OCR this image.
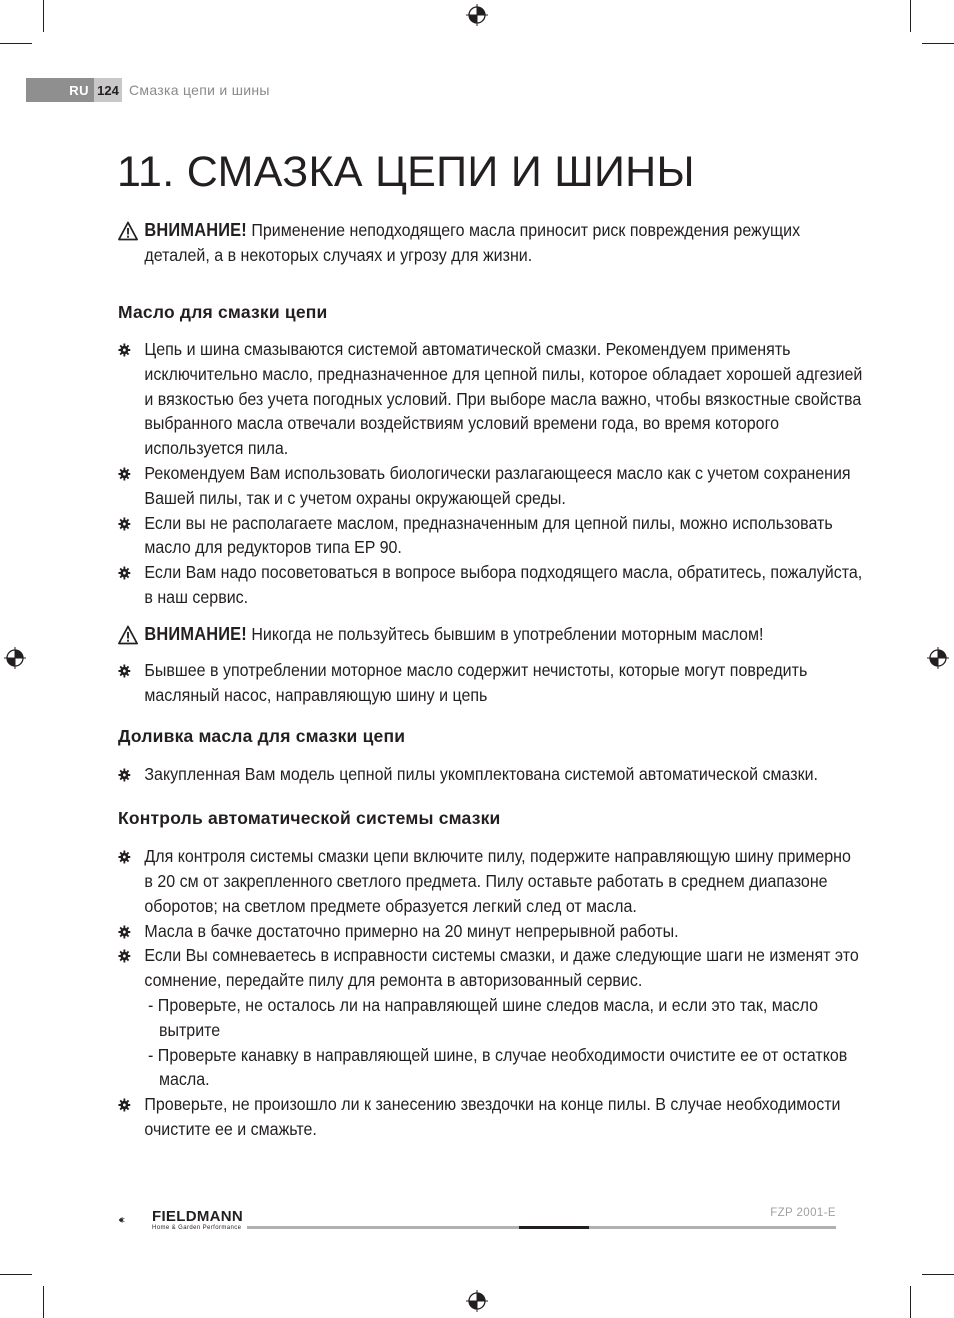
RU 124 Смазка цепи и шины
11. СМАЗКА ЦЕПИ И ШИНЫ
ВНИМАНИЕ! Применение неподходящего масла приносит риск повреждения режущих деталей, а в некоторых случаях и угрозу для жизни.
Масло для смазки цепи
Цепь и шина смазываются системой автоматической смазки. Рекомендуем применять исключительно масло, предназначенное для цепной пилы, которое обладает хорошей адгезией и вязкостью без учета погодных условий. При выборе масла важно, чтобы вязкостные свойства выбранного масла отвечали воздействиям условий времени года, во время которого используется пила.
Рекомендуем Вам использовать биологически разлагающееся масло как с учетом сохранения Вашей пилы, так и с учетом охраны окружающей среды.
Если вы не располагаете маслом, предназначенным для цепной пилы, можно использовать масло для редукторов типа EP 90.
Если Вам надо посоветоваться в вопросе выбора подходящего масла, обратитесь, пожалуйста, в наш сервис.
ВНИМАНИЕ! Никогда не пользуйтесь бывшим в употреблении моторным маслом!
Бывшее в употреблении моторное масло содержит нечистоты, которые могут повредить масляный насос, направляющую шину и цепь
Доливка масла для смазки цепи
Закупленная Вам модель цепной пилы укомплектована системой автоматической смазки.
Контроль автоматической системы смазки
Для контроля системы смазки цепи включите пилу, подержите направляющую шину примерно в 20 см от закрепленного светлого предмета. Пилу оставьте работать в среднем диапазоне оборотов; на светлом предмете образуется легкий след от масла.
Масла в бачке достаточно примерно на 20 минут непрерывной работы.
Если Вы сомневаетесь в исправности системы смазки, и даже следующие шаги не изменят это сомнение, передайте пилу для ремонта в авторизованный сервис.
- Проверьте, не осталось ли на направляющей шине следов масла, и если это так, масло вытрите
- Проверьте канавку в направляющей шине, в случае необходимости очистите ее от остатков масла.
Проверьте, не произошло ли к занесению звездочки на конце пилы. В случае необходимости очистите ее и смажьте.
FIELDMANN
Home & Garden Performance
FZP 2001-E
